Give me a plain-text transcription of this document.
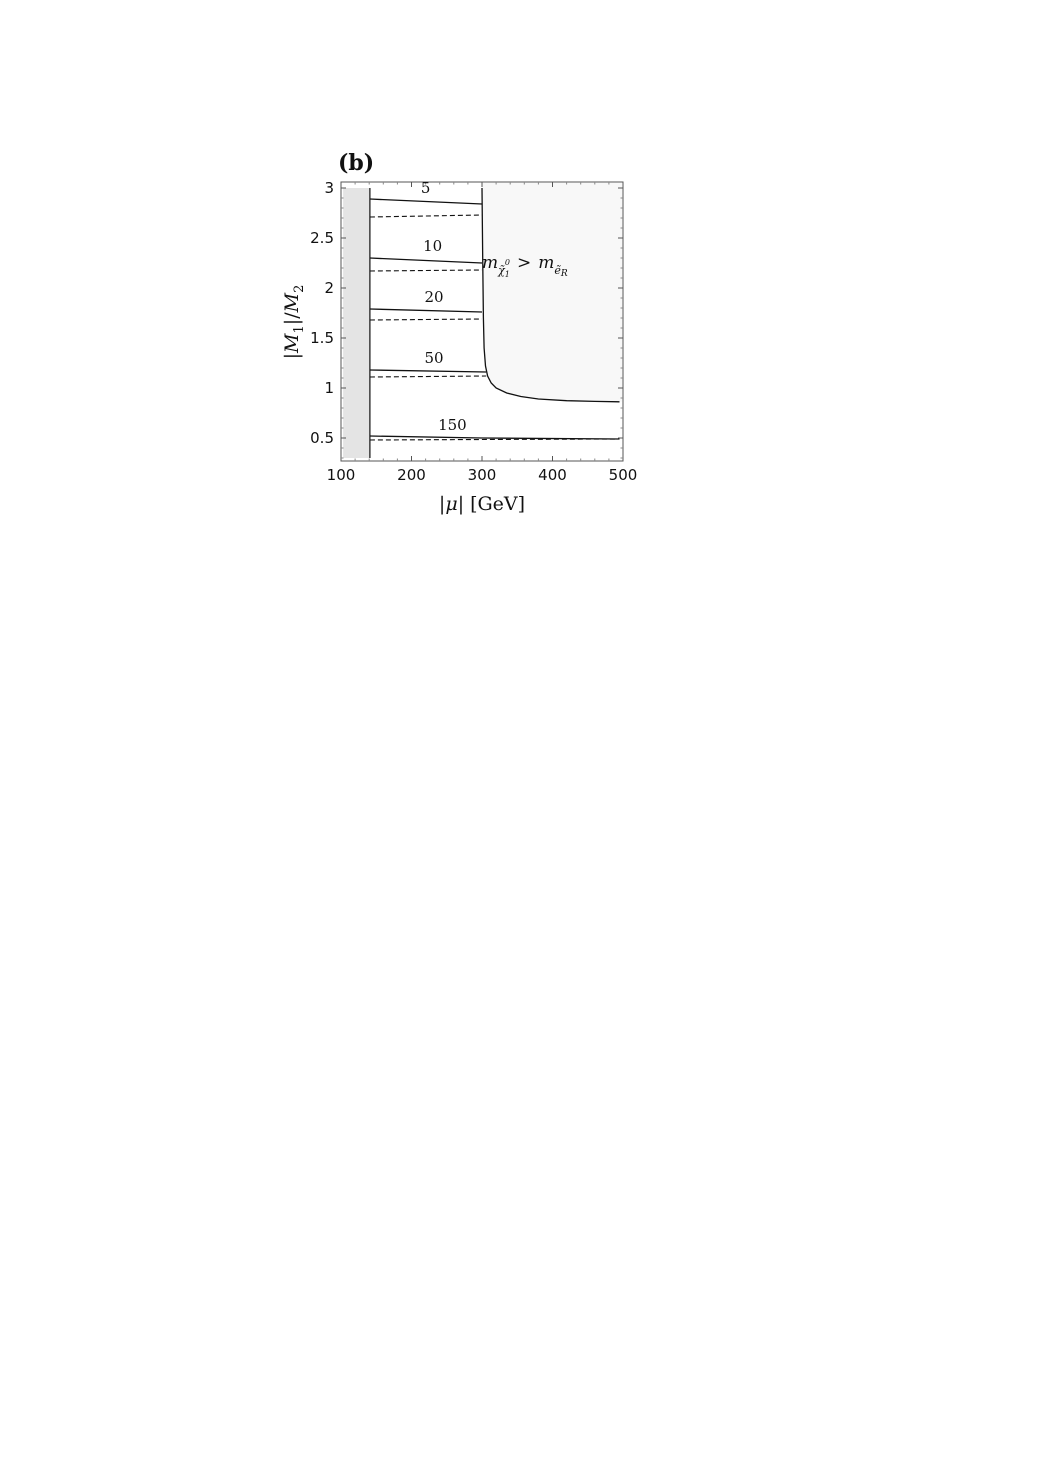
(b)
5
10
20
50
150
100	200	300	400	500
0.5
1
1.5
2
2.5
3
$m_{\chĩ}10 > m_ẽR$
|μ| [GeV]
$|M_1|/M_2$
